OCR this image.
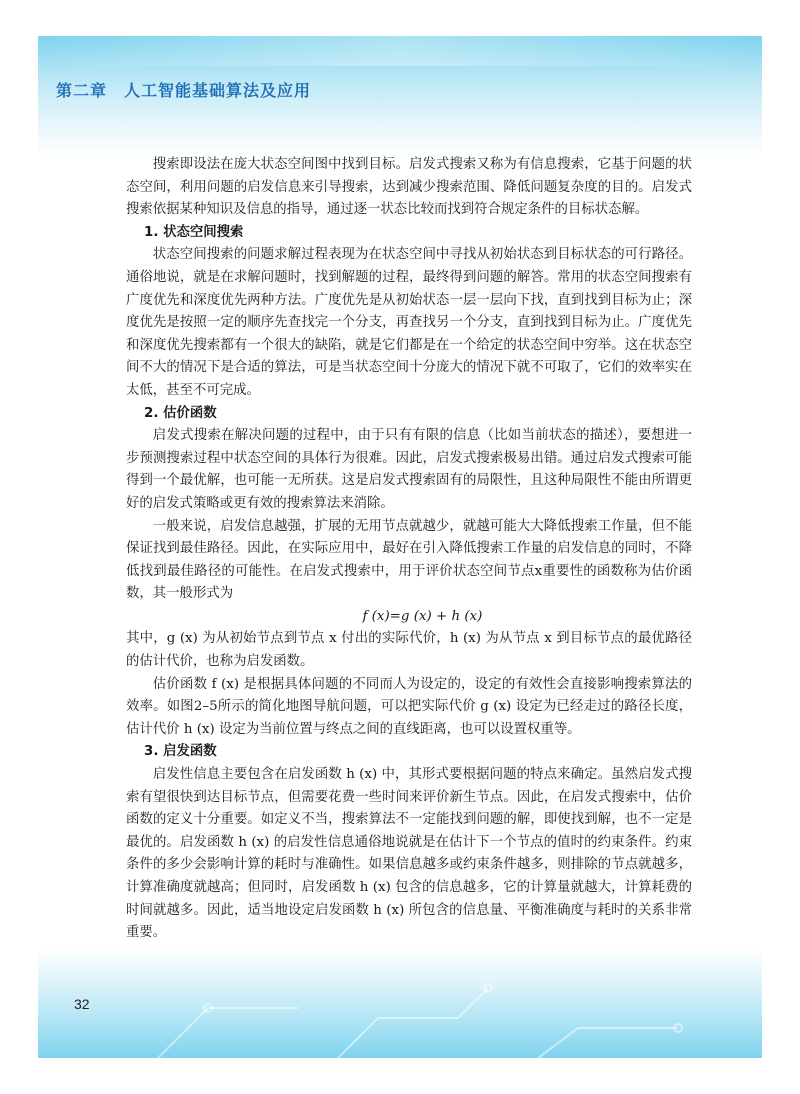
第二章　人工智能基础算法及应用

搜索即设法在庞大状态空间图中找到目标。启发式搜索又称为有信息搜索，它基于问题的状态空间，利用问题的启发信息来引导搜索，达到减少搜索范围、降低问题复杂度的目的。启发式搜索依据某种知识及信息的指导，通过逐一状态比较而找到符合规定条件的目标状态解。

1. 状态空间搜索

状态空间搜索的问题求解过程表现为在状态空间中寻找从初始状态到目标状态的可行路径。通俗地说，就是在求解问题时，找到解题的过程，最终得到问题的解答。常用的状态空间搜索有广度优先和深度优先两种方法。广度优先是从初始状态一层一层向下找，直到找到目标为止；深度优先是按照一定的顺序先查找完一个分支，再查找另一个分支，直到找到目标为止。广度优先和深度优先搜索都有一个很大的缺陷，就是它们都是在一个给定的状态空间中穷举。这在状态空间不大的情况下是合适的算法，可是当状态空间十分庞大的情况下就不可取了，它们的效率实在太低，甚至不可完成。

2. 估价函数

启发式搜索在解决问题的过程中，由于只有有限的信息（比如当前状态的描述），要想进一步预测搜索过程中状态空间的具体行为很难。因此，启发式搜索极易出错。通过启发式搜索可能得到一个最优解，也可能一无所获。这是启发式搜索固有的局限性，且这种局限性不能由所谓更好的启发式策略或更有效的搜索算法来消除。

一般来说，启发信息越强，扩展的无用节点就越少，就越可能大大降低搜索工作量，但不能保证找到最佳路径。因此，在实际应用中，最好在引入降低搜索工作量的启发信息的同时，不降低找到最佳路径的可能性。在启发式搜索中，用于评价状态空间节点x重要性的函数称为估价函数，其一般形式为

f (x)=g (x) + h (x)

其中，g (x) 为从初始节点到节点 x 付出的实际代价，h (x) 为从节点 x 到目标节点的最优路径的估计代价，也称为启发函数。

估价函数 f (x) 是根据具体问题的不同而人为设定的，设定的有效性会直接影响搜索算法的效率。如图2–5所示的简化地图导航问题，可以把实际代价 g (x) 设定为已经走过的路径长度，估计代价 h (x) 设定为当前位置与终点之间的直线距离，也可以设置权重等。

3. 启发函数

启发性信息主要包含在启发函数 h (x) 中，其形式要根据问题的特点来确定。虽然启发式搜索有望很快到达目标节点，但需要花费一些时间来评价新生节点。因此，在启发式搜索中，估价函数的定义十分重要。如定义不当，搜索算法不一定能找到问题的解，即使找到解，也不一定是最优的。启发函数 h (x) 的启发性信息通俗地说就是在估计下一个节点的值时的约束条件。约束条件的多少会影响计算的耗时与准确性。如果信息越多或约束条件越多，则排除的节点就越多，计算准确度就越高；但同时，启发函数 h (x) 包含的信息越多，它的计算量就越大，计算耗费的时间就越多。因此，适当地设定启发函数 h (x) 所包含的信息量、平衡准确度与耗时的关系非常重要。

32
